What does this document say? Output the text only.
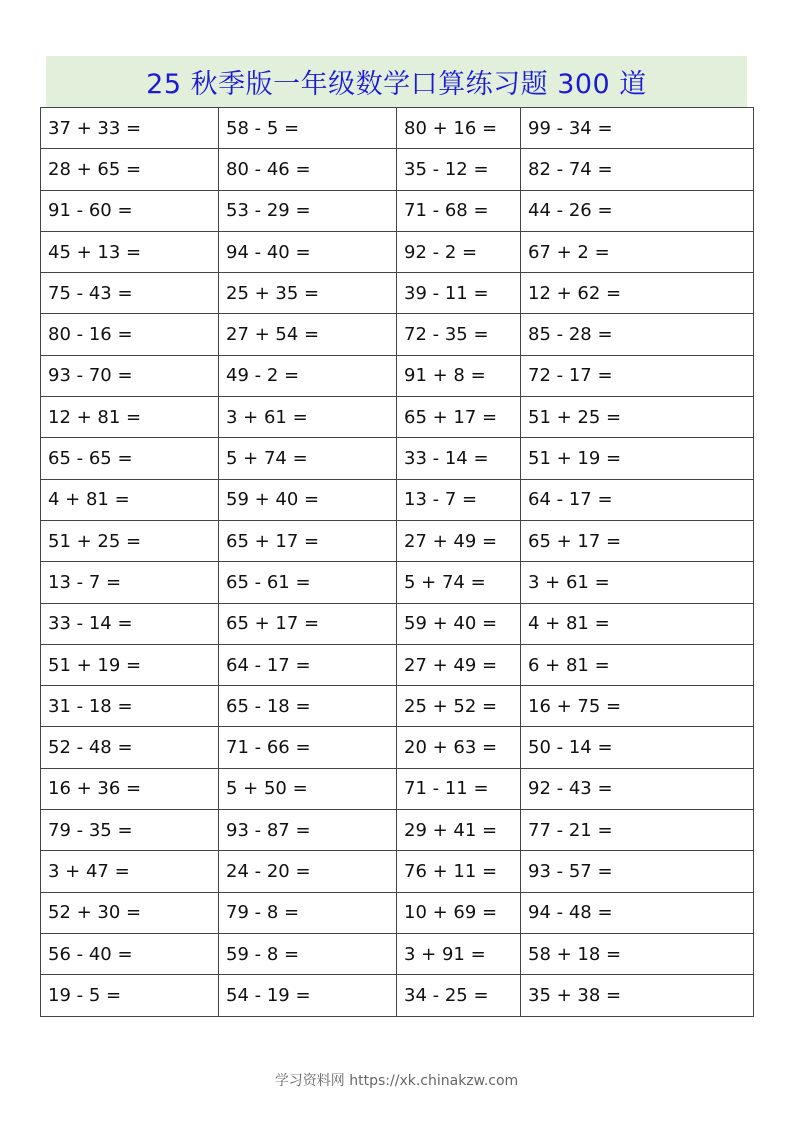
25 秋季版一年级数学口算练习题 300 道
37 + 33 =	58 - 5 =	80 + 16 =	99 - 34 =
28 + 65 =	80 - 46 =	35 - 12 =	82 - 74 =
91 - 60 =	53 - 29 =	71 - 68 =	44 - 26 =
45 + 13 =	94 - 40 =	92 - 2 =	67 + 2 =
75 - 43 =	25 + 35 =	39 - 11 =	12 + 62 =
80 - 16 =	27 + 54 =	72 - 35 =	85 - 28 =
93 - 70 =	49 - 2 =	91 + 8 =	72 - 17 =
12 + 81 =	3 + 61 =	65 + 17 =	51 + 25 =
65 - 65 =	5 + 74 =	33 - 14 =	51 + 19 =
4 + 81 =	59 + 40 =	13 - 7 =	64 - 17 =
51 + 25 =	65 + 17 =	27 + 49 =	65 + 17 =
13 - 7 =	65 - 61 =	5 + 74 =	3 + 61 =
33 - 14 =	65 + 17 =	59 + 40 =	4 + 81 =
51 + 19 =	64 - 17 =	27 + 49 =	6 + 81 =
31 - 18 =	65 - 18 =	25 + 52 =	16 + 75 =
52 - 48 =	71 - 66 =	20 + 63 =	50 - 14 =
16 + 36 =	5 + 50 =	71 - 11 =	92 - 43 =
79 - 35 =	93 - 87 =	29 + 41 =	77 - 21 =
3 + 47 =	24 - 20 =	76 + 11 =	93 - 57 =
52 + 30 =	79 - 8 =	10 + 69 =	94 - 48 =
56 - 40 =	59 - 8 =	3 + 91 =	58 + 18 =
19 - 5 =	54 - 19 =	34 - 25 =	35 + 38 =
学习资料网 https://xk.chinakzw.com
